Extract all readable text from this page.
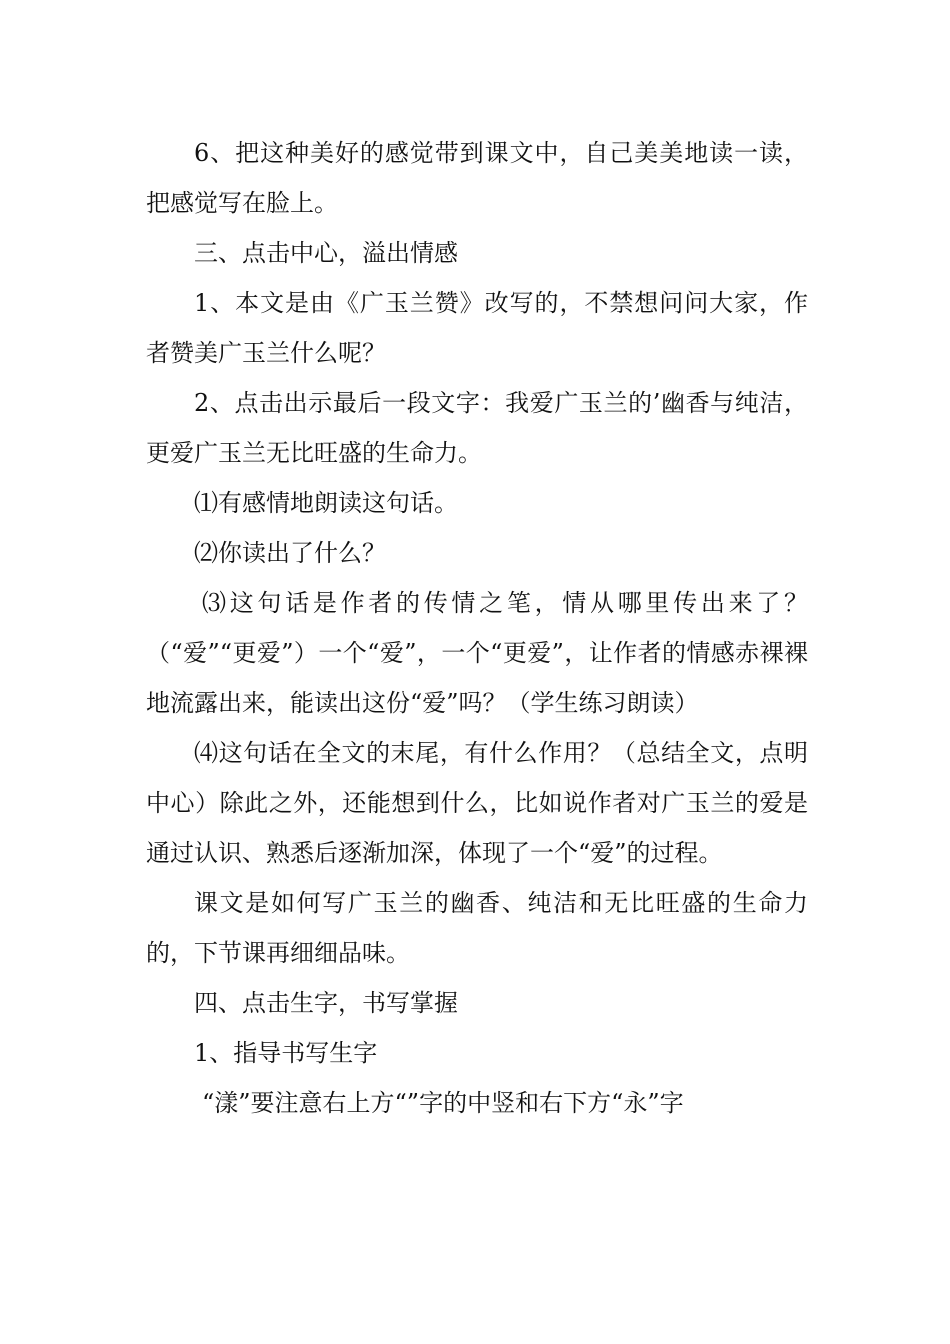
6、把这种美好的感觉带到课文中，自己美美地读一读，把感觉写在脸上。

三、点击中心，溢出情感

1、本文是由《广玉兰赞》改写的，不禁想问问大家，作者赞美广玉兰什么呢？

2、点击出示最后一段文字：我爱广玉兰的’幽香与纯洁，更爱广玉兰无比旺盛的生命力。

⑴有感情地朗读这句话。

⑵你读出了什么？

⑶这句话是作者的传情之笔，情从哪里传出来了？（“爱”“更爱”）一个“爱”，一个“更爱”，让作者的情感赤裸裸地流露出来，能读出这份“爱”吗？（学生练习朗读）

⑷这句话在全文的末尾，有什么作用？（总结全文，点明中心）除此之外，还能想到什么，比如说作者对广玉兰的爱是通过认识、熟悉后逐渐加深，体现了一个“爱”的过程。

课文是如何写广玉兰的幽香、纯洁和无比旺盛的生命力的，下节课再细细品味。

四、点击生字，书写掌握

1、指导书写生字

“漾”要注意右上方“”字的中竖和右下方“永”字
